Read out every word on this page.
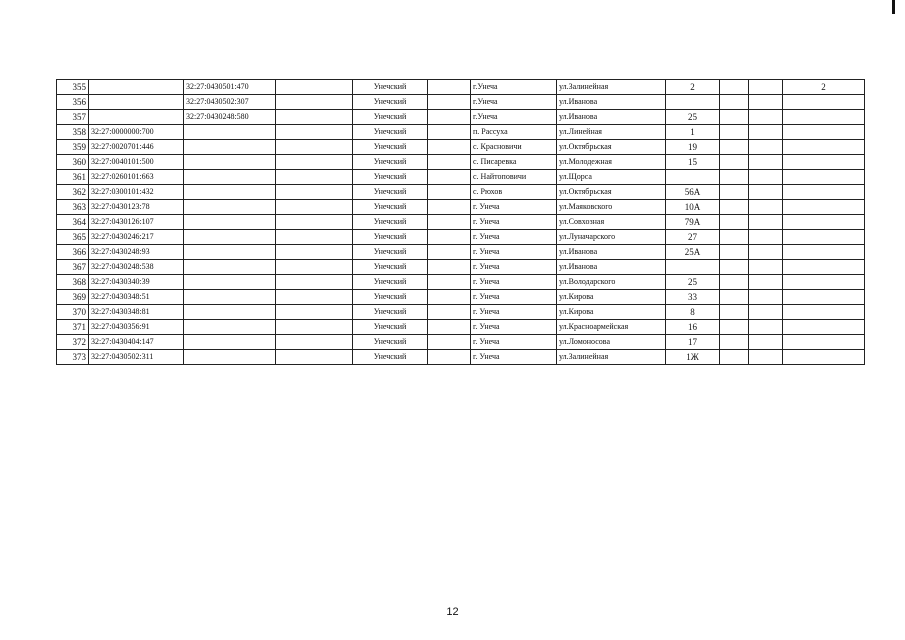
355		32:27:0430501:470		Унечский		г.Унеча	ул.Залинейная	2			2
356		32:27:0430502:307		Унечский		г.Унеча	ул.Иванова				
357		32:27:0430248:580		Унечский		г.Унеча	ул.Иванова	25			
358	32:27:0000000:700			Унечский		п. Рассуха	ул.Линейная	1			
359	32:27:0020701:446			Унечский		с. Красновичи	ул.Октябрьская	19			
360	32:27:0040101:500			Унечский		с. Писаревка	ул.Молодежная	15			
361	32:27:0260101:663			Унечский		с. Найтоповичи	ул.Щорса				
362	32:27:0300101:432			Унечский		с. Рюхов	ул.Октябрьская	56А			
363	32:27:0430123:78			Унечский		г. Унеча	ул.Маяковского	10А			
364	32:27:0430126:107			Унечский		г. Унеча	ул.Совхозная	79А			
365	32:27:0430246:217			Унечский		г. Унеча	ул.Луначарского	27			
366	32:27:0430248:93			Унечский		г. Унеча	ул.Иванова	25А			
367	32:27:0430248:538			Унечский		г. Унеча	ул.Иванова				
368	32:27:0430340:39			Унечский		г. Унеча	ул.Володарского	25			
369	32:27:0430348:51			Унечский		г. Унеча	ул.Кирова	33			
370	32:27:0430348:81			Унечский		г. Унеча	ул.Кирова	8			
371	32:27:0430356:91			Унечский		г. Унеча	ул.Красноармейская	16			
372	32:27:0430404:147			Унечский		г. Унеча	ул.Ломоносова	17			
373	32:27:0430502:311			Унечский		г. Унеча	ул.Залинейная	1Ж			
12
